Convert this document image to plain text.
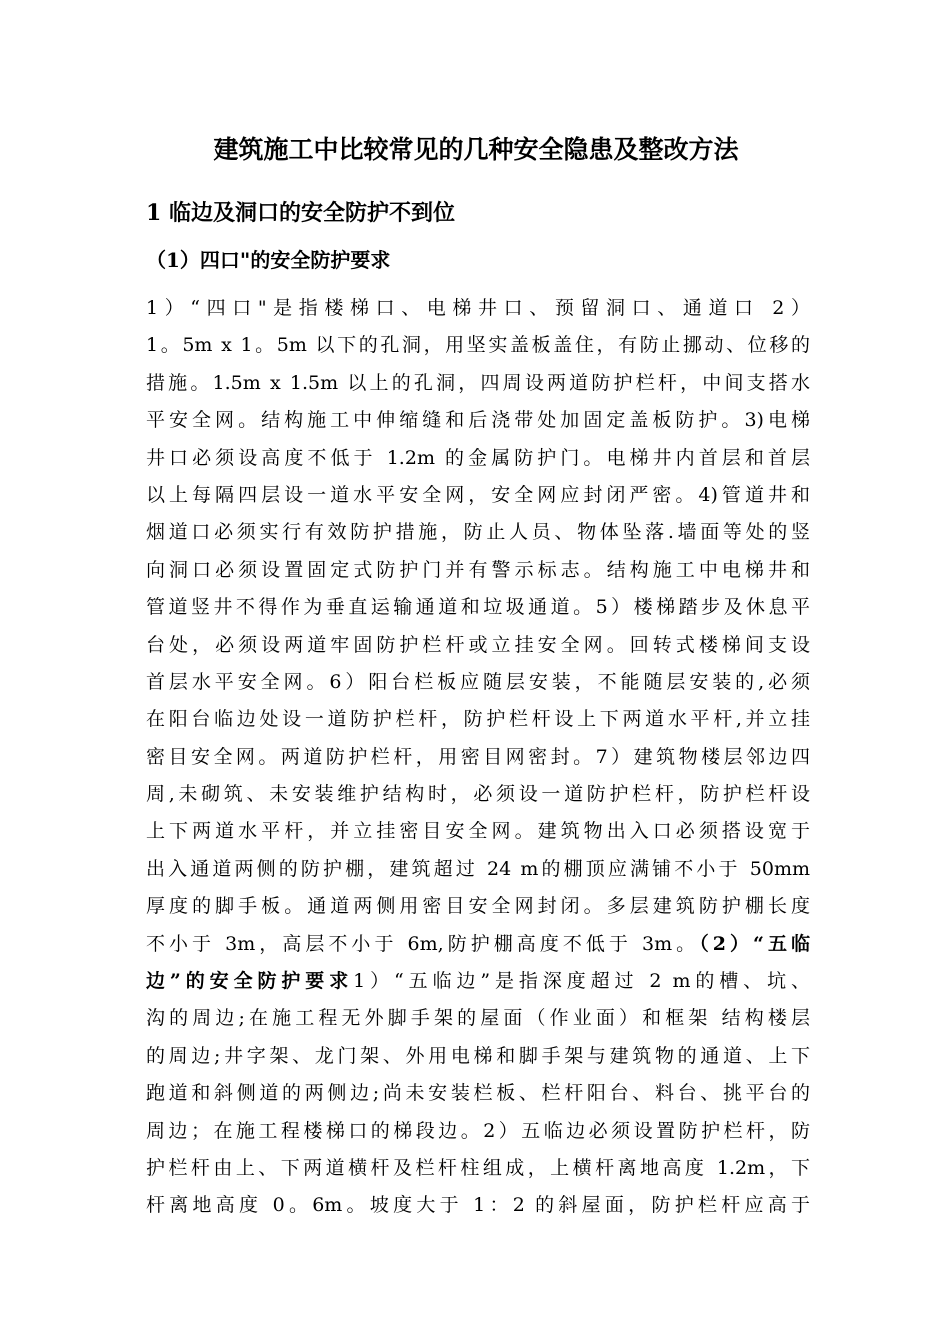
建筑施工中比较常见的几种安全隐患及整改方法
1 临边及洞口的安全防护不到位
（1）四口"的安全防护要求
1）“四口"是指楼梯口、电梯井口、预留洞口、通道口 2）
1。5m x 1。5m 以下的孔洞，用坚实盖板盖住，有防止挪动、位移的
措施。1.5m x 1.5m 以上的孔洞，四周设两道防护栏杆，中间支搭水
平安全网。结构施工中伸缩缝和后浇带处加固定盖板防护。3)电梯
井口必须设高度不低于 1.2m 的金属防护门。电梯井内首层和首层
以上每隔四层设一道水平安全网，安全网应封闭严密。4)管道井和
烟道口必须实行有效防护措施，防止人员、物体坠落.墙面等处的竖
向洞口必须设置固定式防护门并有警示标志。结构施工中电梯井和
管道竖井不得作为垂直运输通道和垃圾通道。5）楼梯踏步及休息平
台处，必须设两道牢固防护栏杆或立挂安全网。回转式楼梯间支设
首层水平安全网。6）阳台栏板应随层安装，不能随层安装的,必须
在阳台临边处设一道防护栏杆，防护栏杆设上下两道水平杆,并立挂
密目安全网。两道防护栏杆，用密目网密封。7）建筑物楼层邻边四
周,未砌筑、未安装维护结构时，必须设一道防护栏杆，防护栏杆设
上下两道水平杆，并立挂密目安全网。建筑物出入口必须搭设宽于
出入通道两侧的防护棚，建筑超过 24 m的棚顶应满铺不小于 50mm
厚度的脚手板。通道两侧用密目安全网封闭。多层建筑防护棚长度
不小于 3m，高层不小于 6m,防护棚高度不低于 3m。（2）“五临
边”的安全防护要求1）“五临边”是指深度超过 2 m的槽、坑、
沟的周边;在施工程无外脚手架的屋面（作业面）和框架 结构楼层
的周边;井字架、龙门架、外用电梯和脚手架与建筑物的通道、上下
跑道和斜侧道的两侧边;尚未安装栏板、栏杆阳台、料台、挑平台的
周边；在施工程楼梯口的梯段边。2）五临边必须设置防护栏杆，防
护栏杆由上、下两道横杆及栏杆柱组成，上横杆离地高度 1.2m，下
杆离地高度 0。6m。坡度大于 1：2 的斜屋面，防护栏杆应高于
